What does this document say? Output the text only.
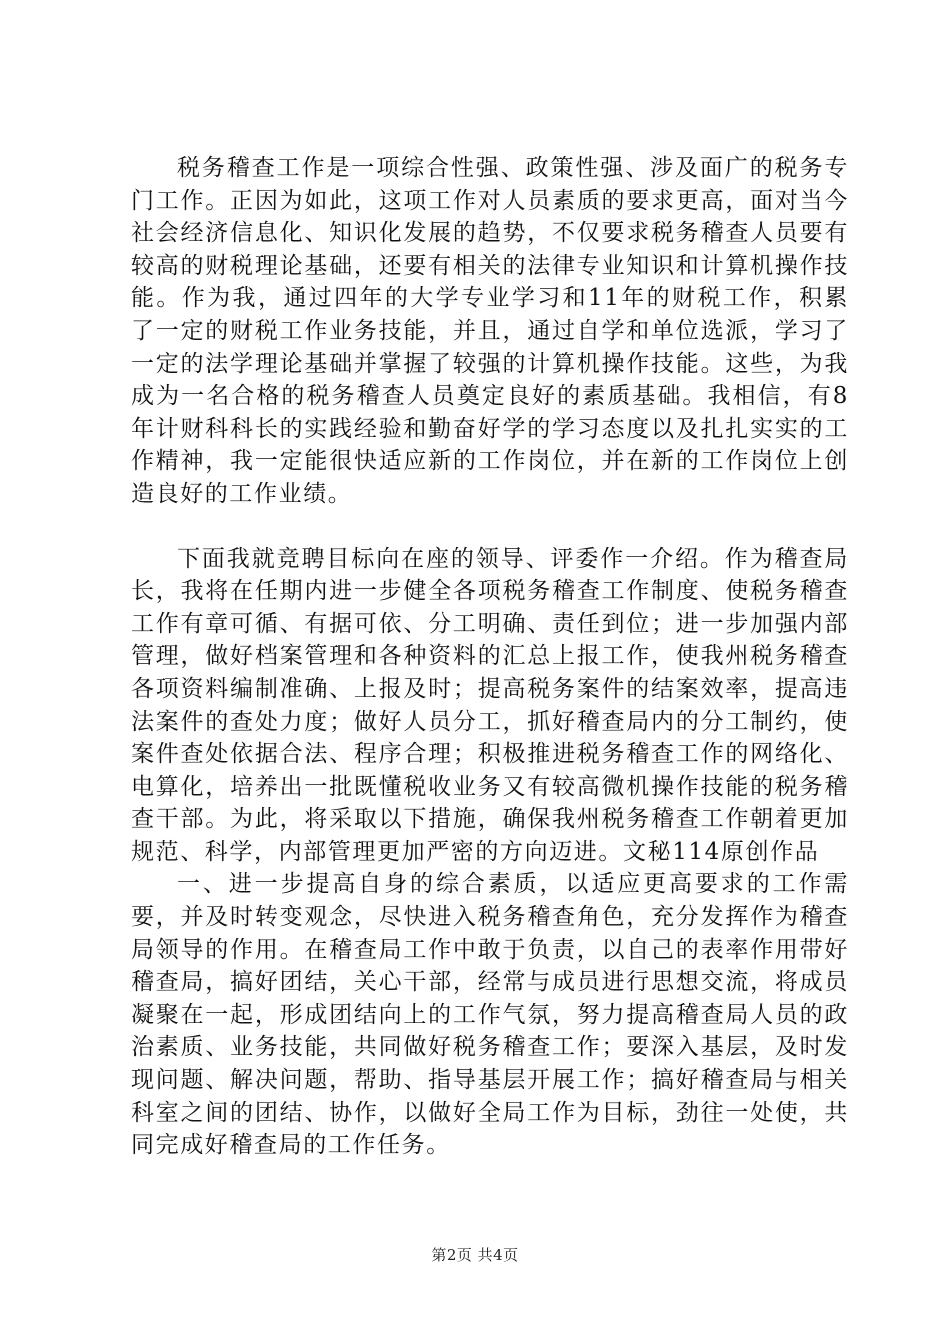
税务稽查工作是一项综合性强、政策性强、涉及面广的税务专门工作。正因为如此，这项工作对人员素质的要求更高，面对当今社会经济信息化、知识化发展的趋势，不仅要求税务稽查人员要有较高的财税理论基础，还要有相关的法律专业知识和计算机操作技能。作为我，通过四年的大学专业学习和11年的财税工作，积累了一定的财税工作业务技能，并且，通过自学和单位选派，学习了一定的法学理论基础并掌握了较强的计算机操作技能。这些，为我成为一名合格的税务稽查人员奠定良好的素质基础。我相信，有8年计财科科长的实践经验和勤奋好学的学习态度以及扎扎实实的工作精神，我一定能很快适应新的工作岗位，并在新的工作岗位上创造良好的工作业绩。

下面我就竞聘目标向在座的领导、评委作一介绍。作为稽查局长，我将在任期内进一步健全各项税务稽查工作制度、使税务稽查工作有章可循、有据可依、分工明确、责任到位；进一步加强内部管理，做好档案管理和各种资料的汇总上报工作，使我州税务稽查各项资料编制准确、上报及时；提高税务案件的结案效率，提高违法案件的查处力度；做好人员分工，抓好稽查局内的分工制约，使案件查处依据合法、程序合理；积极推进税务稽查工作的网络化、电算化，培养出一批既懂税收业务又有较高微机操作技能的税务稽查干部。为此，将采取以下措施，确保我州税务稽查工作朝着更加规范、科学，内部管理更加严密的方向迈进。文秘114原创作品

一、进一步提高自身的综合素质，以适应更高要求的工作需要，并及时转变观念，尽快进入税务稽查角色，充分发挥作为稽查局领导的作用。在稽查局工作中敢于负责，以自己的表率作用带好稽查局，搞好团结，关心干部，经常与成员进行思想交流，将成员凝聚在一起，形成团结向上的工作气氛，努力提高稽查局人员的政治素质、业务技能，共同做好税务稽查工作；要深入基层，及时发现问题、解决问题，帮助、指导基层开展工作；搞好稽查局与相关科室之间的团结、协作，以做好全局工作为目标，劲往一处使，共同完成好稽查局的工作任务。

第2页 共4页
